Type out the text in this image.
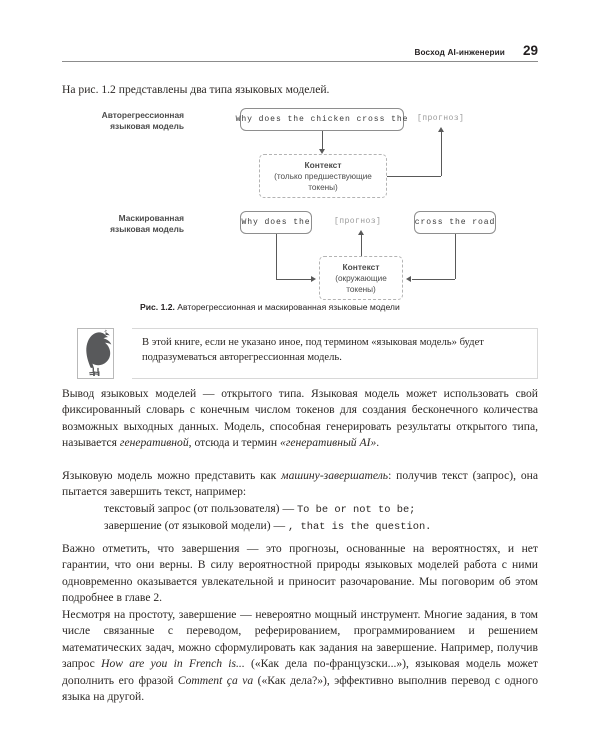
Восход AI-инженерии 29
На рис. 1.2 представлены два типа языковых моделей.
Авторегрессионная
языковая модель
Why does the chicken cross the [прогноз]
Контекст
(только предшествующие
токены)
Маскированная
языковая модель
Why does the	[прогноз]	cross the road
Контекст
(окружающие
токены)
Рис. 1.2. Авторегрессионная и маскированная языковые модели
В этой книге, если не указано иное, под термином «языковая модель» будет подразумеваться авторегрессионная модель.
Вывод языковых моделей — открытого типа. Языковая модель может использовать свой фиксированный словарь с конечным числом токенов для создания бесконечного количества возможных выходных данных. Модель, способная генерировать результаты открытого типа, называется генеративной, отсюда и термин «генеративный AI».
Языковую модель можно представить как машину-завершатель: получив текст (запрос), она пытается завершить текст, например:
текстовый запрос (от пользователя) — To be or not to be;
завершение (от языковой модели) — , that is the question.
Важно отметить, что завершения — это прогнозы, основанные на вероятностях, и нет гарантии, что они верны. В силу вероятностной природы языковых моделей работа с ними одновременно оказывается увлекательной и приносит разочарование. Мы поговорим об этом подробнее в главе 2.
Несмотря на простоту, завершение — невероятно мощный инструмент. Многие задания, в том числе связанные с переводом, реферированием, программированием и решением математических задач, можно сформулировать как задания на завершение. Например, получив запрос How are you in French is... («Как дела по-французски...»), языковая модель может дополнить его фразой Comment ça va («Как дела?»), эффективно выполнив перевод с одного языка на другой.
